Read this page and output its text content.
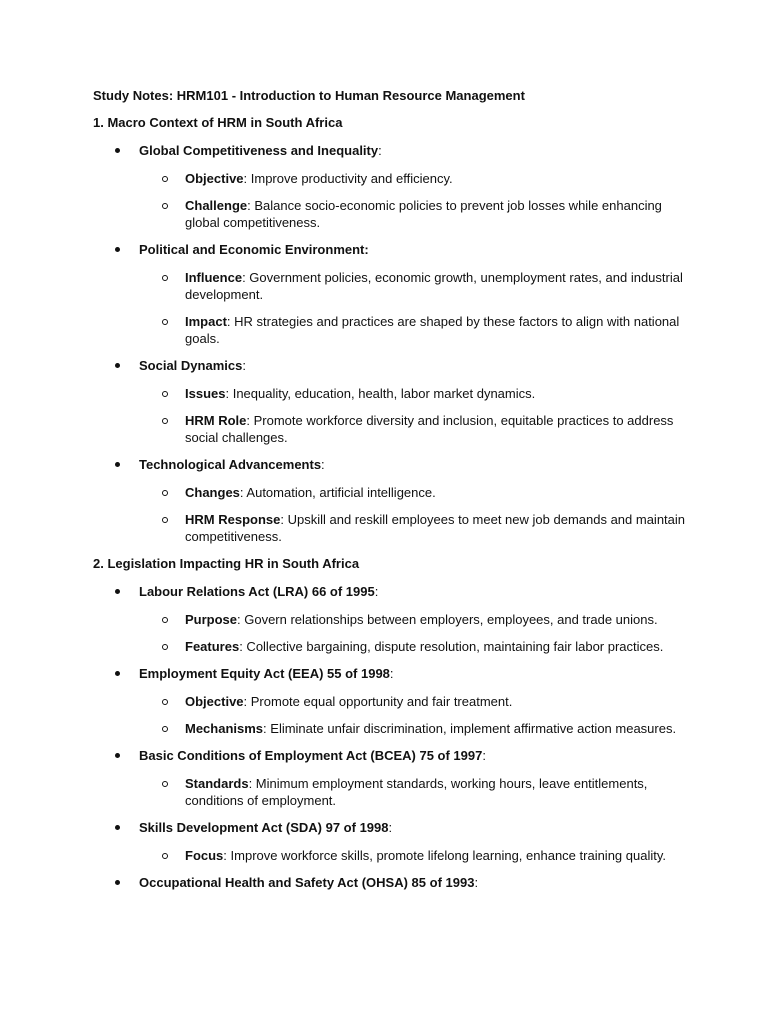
Study Notes: HRM101 - Introduction to Human Resource Management
1. Macro Context of HRM in South Africa
Global Competitiveness and Inequality:
Objective: Improve productivity and efficiency.
Challenge: Balance socio-economic policies to prevent job losses while enhancing global competitiveness.
Political and Economic Environment:
Influence: Government policies, economic growth, unemployment rates, and industrial development.
Impact: HR strategies and practices are shaped by these factors to align with national goals.
Social Dynamics:
Issues: Inequality, education, health, labor market dynamics.
HRM Role: Promote workforce diversity and inclusion, equitable practices to address social challenges.
Technological Advancements:
Changes: Automation, artificial intelligence.
HRM Response: Upskill and reskill employees to meet new job demands and maintain competitiveness.
2. Legislation Impacting HR in South Africa
Labour Relations Act (LRA) 66 of 1995:
Purpose: Govern relationships between employers, employees, and trade unions.
Features: Collective bargaining, dispute resolution, maintaining fair labor practices.
Employment Equity Act (EEA) 55 of 1998:
Objective: Promote equal opportunity and fair treatment.
Mechanisms: Eliminate unfair discrimination, implement affirmative action measures.
Basic Conditions of Employment Act (BCEA) 75 of 1997:
Standards: Minimum employment standards, working hours, leave entitlements, conditions of employment.
Skills Development Act (SDA) 97 of 1998:
Focus: Improve workforce skills, promote lifelong learning, enhance training quality.
Occupational Health and Safety Act (OHSA) 85 of 1993:
